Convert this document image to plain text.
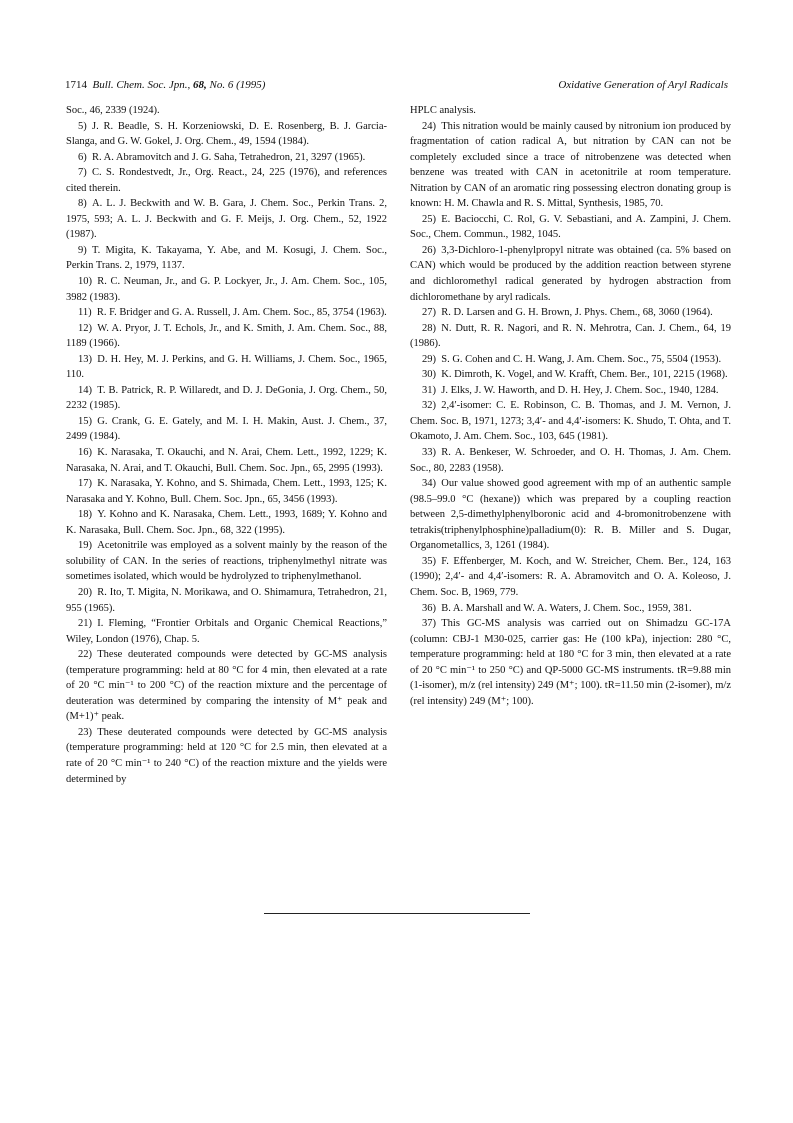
1714 Bull. Chem. Soc. Jpn., 68, No. 6 (1995)	Oxidative Generation of Aryl Radicals

Soc., 46, 2339 (1924).

5)  J. R. Beadle, S. H. Korzeniowski, D. E. Rosenberg, B. J. Garcia-Slanga, and G. W. Gokel, J. Org. Chem., 49, 1594 (1984).

6)  R. A. Abramovitch and J. G. Saha, Tetrahedron, 21, 3297 (1965).

7)  C. S. Rondestvedt, Jr., Org. React., 24, 225 (1976), and references cited therein.

8)  A. L. J. Beckwith and W. B. Gara, J. Chem. Soc., Perkin Trans. 2, 1975, 593; A. L. J. Beckwith and G. F. Meijs, J. Org. Chem., 52, 1922 (1987).

9)  T. Migita, K. Takayama, Y. Abe, and M. Kosugi, J. Chem. Soc., Perkin Trans. 2, 1979, 1137.

10)  R. C. Neuman, Jr., and G. P. Lockyer, Jr., J. Am. Chem. Soc., 105, 3982 (1983).

11)  R. F. Bridger and G. A. Russell, J. Am. Chem. Soc., 85, 3754 (1963).

12)  W. A. Pryor, J. T. Echols, Jr., and K. Smith, J. Am. Chem. Soc., 88, 1189 (1966).

13)  D. H. Hey, M. J. Perkins, and G. H. Williams, J. Chem. Soc., 1965, 110.

14)  T. B. Patrick, R. P. Willaredt, and D. J. DeGonia, J. Org. Chem., 50, 2232 (1985).

15)  G. Crank, G. E. Gately, and M. I. H. Makin, Aust. J. Chem., 37, 2499 (1984).

16)  K. Narasaka, T. Okauchi, and N. Arai, Chem. Lett., 1992, 1229; K. Narasaka, N. Arai, and T. Okauchi, Bull. Chem. Soc. Jpn., 65, 2995 (1993).

17)  K. Narasaka, Y. Kohno, and S. Shimada, Chem. Lett., 1993, 125; K. Narasaka and Y. Kohno, Bull. Chem. Soc. Jpn., 65, 3456 (1993).

18)  Y. Kohno and K. Narasaka, Chem. Lett., 1993, 1689; Y. Kohno and K. Narasaka, Bull. Chem. Soc. Jpn., 68, 322 (1995).

19)  Acetonitrile was employed as a solvent mainly by the reason of the solubility of CAN. In the series of reactions, triphenylmethyl nitrate was sometimes isolated, which would be hydrolyzed to triphenylmethanol.

20)  R. Ito, T. Migita, N. Morikawa, and O. Shimamura, Tetrahedron, 21, 955 (1965).

21)  I. Fleming, “Frontier Orbitals and Organic Chemical Reactions,” Wiley, London (1976), Chap. 5.

22)  These deuterated compounds were detected by GC-MS analysis (temperature programming: held at 80 °C for 4 min, then elevated at a rate of 20 °C min⁻¹ to 200 °C) of the reaction mixture and the percentage of deuteration was determined by comparing the intensity of M⁺ peak and (M+1)⁺ peak.

23)  These deuterated compounds were detected by GC-MS analysis (temperature programming: held at 120 °C for 2.5 min, then elevated at a rate of 20 °C min⁻¹ to 240 °C) of the reaction mixture and the yields were determined by

HPLC analysis.

24)  This nitration would be mainly caused by nitronium ion produced by fragmentation of cation radical A, but nitration by CAN can not be completely excluded since a trace of nitrobenzene was detected when benzene was treated with CAN in acetonitrile at room temperature. Nitration by CAN of an aromatic ring possessing electron donating group is known: H. M. Chawla and R. S. Mittal, Synthesis, 1985, 70.

25)  E. Baciocchi, C. Rol, G. V. Sebastiani, and A. Zampini, J. Chem. Soc., Chem. Commun., 1982, 1045.

26)  3,3-Dichloro-1-phenylpropyl nitrate was obtained (ca. 5% based on CAN) which would be produced by the addition reaction between styrene and dichloromethyl radical generated by hydrogen abstraction from dichloromethane by aryl radicals.

27)  R. D. Larsen and G. H. Brown, J. Phys. Chem., 68, 3060 (1964).

28)  N. Dutt, R. R. Nagori, and R. N. Mehrotra, Can. J. Chem., 64, 19 (1986).

29)  S. G. Cohen and C. H. Wang, J. Am. Chem. Soc., 75, 5504 (1953).

30)  K. Dimroth, K. Vogel, and W. Krafft, Chem. Ber., 101, 2215 (1968).

31)  J. Elks, J. W. Haworth, and D. H. Hey, J. Chem. Soc., 1940, 1284.

32)  2,4′-isomer: C. E. Robinson, C. B. Thomas, and J. M. Vernon, J. Chem. Soc. B, 1971, 1273; 3,4′- and 4,4′-isomers: K. Shudo, T. Ohta, and T. Okamoto, J. Am. Chem. Soc., 103, 645 (1981).

33)  R. A. Benkeser, W. Schroeder, and O. H. Thomas, J. Am. Chem. Soc., 80, 2283 (1958).

34)  Our value showed good agreement with mp of an authentic sample (98.5–99.0 °C (hexane)) which was prepared by a coupling reaction between 2,5-dimethylphenylboronic acid and 4-bromonitrobenzene with tetrakis(triphenylphosphine)palladium(0): R. B. Miller and S. Dugar, Organometallics, 3, 1261 (1984).

35)  F. Effenberger, M. Koch, and W. Streicher, Chem. Ber., 124, 163 (1990); 2,4′- and 4,4′-isomers: R. A. Abramovitch and O. A. Koleoso, J. Chem. Soc. B, 1969, 779.

36)  B. A. Marshall and W. A. Waters, J. Chem. Soc., 1959, 381.

37)  This GC-MS analysis was carried out on Shimadzu GC-17A (column: CBJ-1 M30-025, carrier gas: He (100 kPa), injection: 280 °C, temperature programming: held at 180 °C for 3 min, then elevated at a rate of 20 °C min⁻¹ to 250 °C) and QP-5000 GC-MS instruments. tR=9.88 min (1-isomer), m/z (rel intensity) 249 (M⁺; 100). tR=11.50 min (2-isomer), m/z (rel intensity) 249 (M⁺; 100).
